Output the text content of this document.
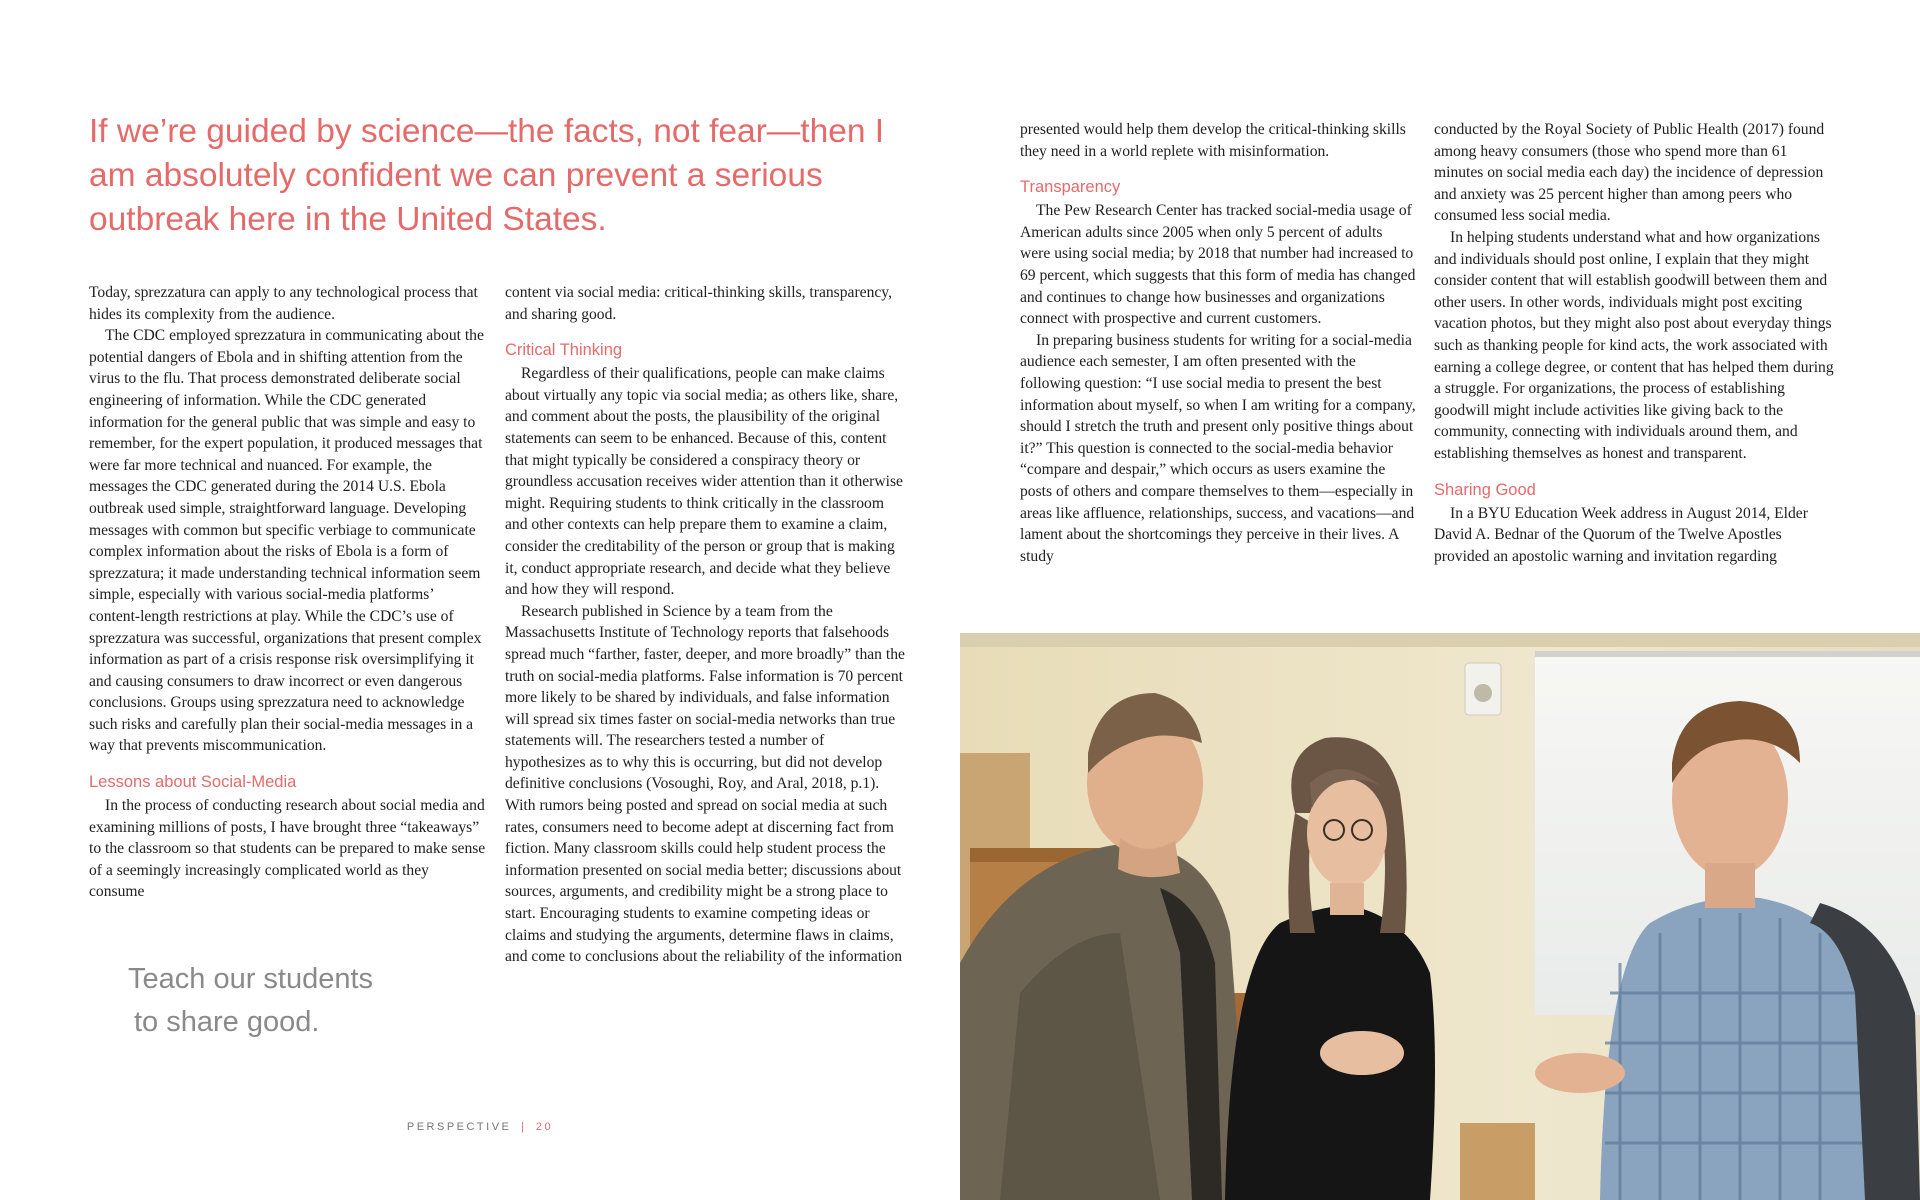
If we’re guided by science—the facts, not fear—then I am absolutely confident we can prevent a serious outbreak here in the United States.

Today, sprezzatura can apply to any technological process that hides its complexity from the audience.

The CDC employed sprezzatura in communicating about the potential dangers of Ebola and in shifting attention from the virus to the flu. That process demonstrated deliberate social engineering of information. While the CDC generated information for the general public that was simple and easy to remember, for the expert population, it produced messages that were far more technical and nuanced. For example, the messages the CDC generated during the 2014 U.S. Ebola outbreak used simple, straightforward language. Developing messages with common but specific verbiage to communicate complex information about the risks of Ebola is a form of sprezzatura; it made understanding technical information seem simple, especially with various social-media platforms’ content-length restrictions at play. While the CDC’s use of sprezzatura was successful, organizations that present complex information as part of a crisis response risk oversimplifying it and causing consumers to draw incorrect or even dangerous conclusions. Groups using sprezzatura need to acknowledge such risks and carefully plan their social-media messages in a way that prevents miscommunication.

Lessons about Social-Media

In the process of conducting research about social media and examining millions of posts, I have brought three “takeaways” to the classroom so that students can be prepared to make sense of a seemingly increasingly complicated world as they consume

content via social media: critical-thinking skills, transparency, and sharing good.

Critical Thinking

Regardless of their qualifications, people can make claims about virtually any topic via social media; as others like, share, and comment about the posts, the plausibility of the original statements can seem to be enhanced. Because of this, content that might typically be considered a conspiracy theory or groundless accusation receives wider attention than it otherwise might. Requiring students to think critically in the classroom and other contexts can help prepare them to examine a claim, consider the creditability of the person or group that is making it, conduct appropriate research, and decide what they believe and how they will respond.

Research published in Science by a team from the Massachusetts Institute of Technology reports that falsehoods spread much “farther, faster, deeper, and more broadly” than the truth on social-media platforms. False information is 70 percent more likely to be shared by individuals, and false information will spread six times faster on social-media networks than true statements will. The researchers tested a number of hypothesizes as to why this is occurring, but did not develop definitive conclusions (Vosoughi, Roy, and Aral, 2018, p.1). With rumors being posted and spread on social media at such rates, consumers need to become adept at discerning fact from fiction. Many classroom skills could help student process the information presented on social media better; discussions about sources, arguments, and credibility might be a strong place to start. Encouraging students to examine competing ideas or claims and studying the arguments, determine flaws in claims, and come to conclusions about the reliability of the information

Teach our students
to share good.
PERSPECTIVE | 20

presented would help them develop the critical-thinking skills they need in a world replete with misinformation.

Transparency

The Pew Research Center has tracked social-media usage of American adults since 2005 when only 5 percent of adults were using social media; by 2018 that number had increased to 69 percent, which suggests that this form of media has changed and continues to change how businesses and organizations connect with prospective and current customers.

In preparing business students for writing for a social-media audience each semester, I am often presented with the following question: “I use social media to present the best information about myself, so when I am writing for a company, should I stretch the truth and present only positive things about it?” This question is connected to the social-media behavior “compare and despair,” which occurs as users examine the posts of others and compare themselves to them—especially in areas like affluence, relationships, success, and vacations—and lament about the shortcomings they perceive in their lives. A study

conducted by the Royal Society of Public Health (2017) found among heavy consumers (those who spend more than 61 minutes on social media each day) the incidence of depression and anxiety was 25 percent higher than among peers who consumed less social media.

In helping students understand what and how organizations and individuals should post online, I explain that they might consider content that will establish goodwill between them and other users. In other words, individuals might post exciting vacation photos, but they might also post about everyday things such as thanking people for kind acts, the work associated with earning a college degree, or content that has helped them during a struggle. For organizations, the process of establishing goodwill might include activities like giving back to the community, connecting with individuals around them, and establishing themselves as honest and transparent.

Sharing Good

In a BYU Education Week address in August 2014, Elder David A. Bednar of the Quorum of the Twelve Apostles provided an apostolic warning and invitation regarding
